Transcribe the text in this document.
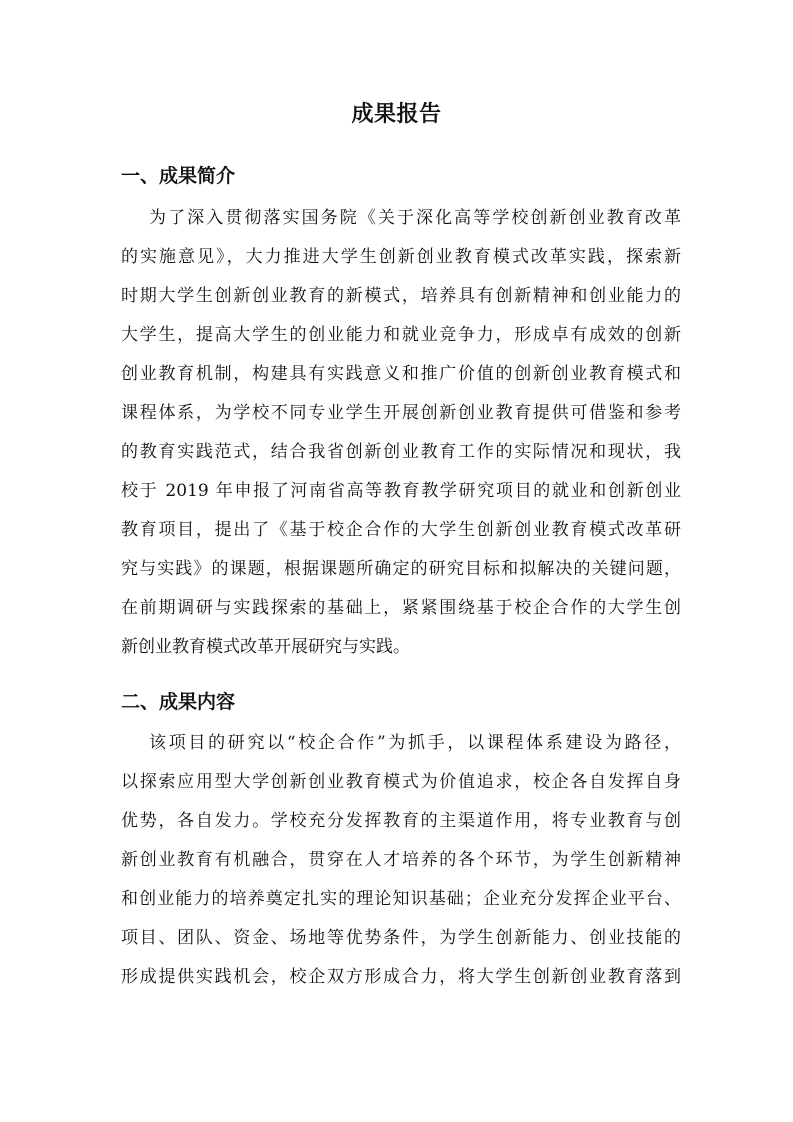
成果报告
一、成果简介
为了深入贯彻落实国务院《关于深化高等学校创新创业教育改革
的实施意见》，大力推进大学生创新创业教育模式改革实践，探索新
时期大学生创新创业教育的新模式，培养具有创新精神和创业能力的
大学生，提高大学生的创业能力和就业竞争力，形成卓有成效的创新
创业教育机制，构建具有实践意义和推广价值的创新创业教育模式和
课程体系，为学校不同专业学生开展创新创业教育提供可借鉴和参考
的教育实践范式，结合我省创新创业教育工作的实际情况和现状，我
校于 2019 年申报了河南省高等教育教学研究项目的就业和创新创业
教育项目，提出了《基于校企合作的大学生创新创业教育模式改革研
究与实践》的课题，根据课题所确定的研究目标和拟解决的关键问题，
在前期调研与实践探索的基础上，紧紧围绕基于校企合作的大学生创
新创业教育模式改革开展研究与实践。
二、成果内容
该项目的研究以“校企合作”为抓手，以课程体系建设为路径，
以探索应用型大学创新创业教育模式为价值追求，校企各自发挥自身
优势，各自发力。学校充分发挥教育的主渠道作用，将专业教育与创
新创业教育有机融合，贯穿在人才培养的各个环节，为学生创新精神
和创业能力的培养奠定扎实的理论知识基础；企业充分发挥企业平台、
项目、团队、资金、场地等优势条件，为学生创新能力、创业技能的
形成提供实践机会，校企双方形成合力，将大学生创新创业教育落到
